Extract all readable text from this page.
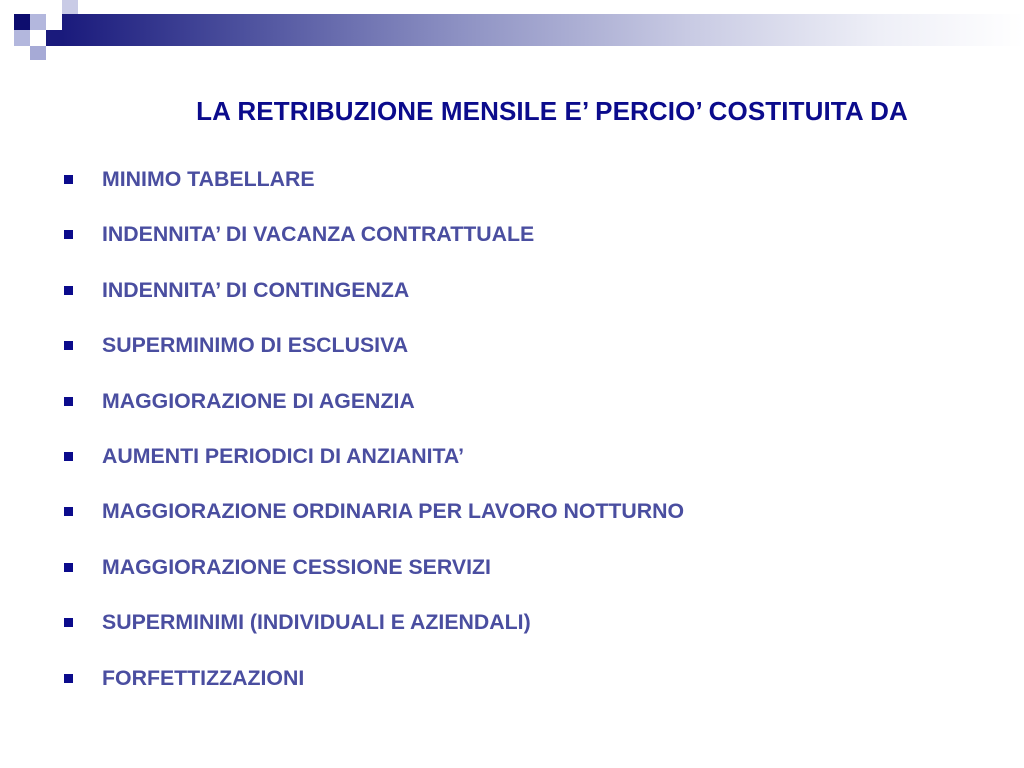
LA RETRIBUZIONE MENSILE E’ PERCIO’ COSTITUITA DA
MINIMO TABELLARE
INDENNITA’ DI VACANZA CONTRATTUALE
INDENNITA’ DI CONTINGENZA
SUPERMINIMO DI ESCLUSIVA
MAGGIORAZIONE DI AGENZIA
AUMENTI PERIODICI DI ANZIANITA’
MAGGIORAZIONE ORDINARIA PER LAVORO NOTTURNO
MAGGIORAZIONE CESSIONE SERVIZI
SUPERMINIMI (INDIVIDUALI E AZIENDALI)
FORFETTIZZAZIONI
